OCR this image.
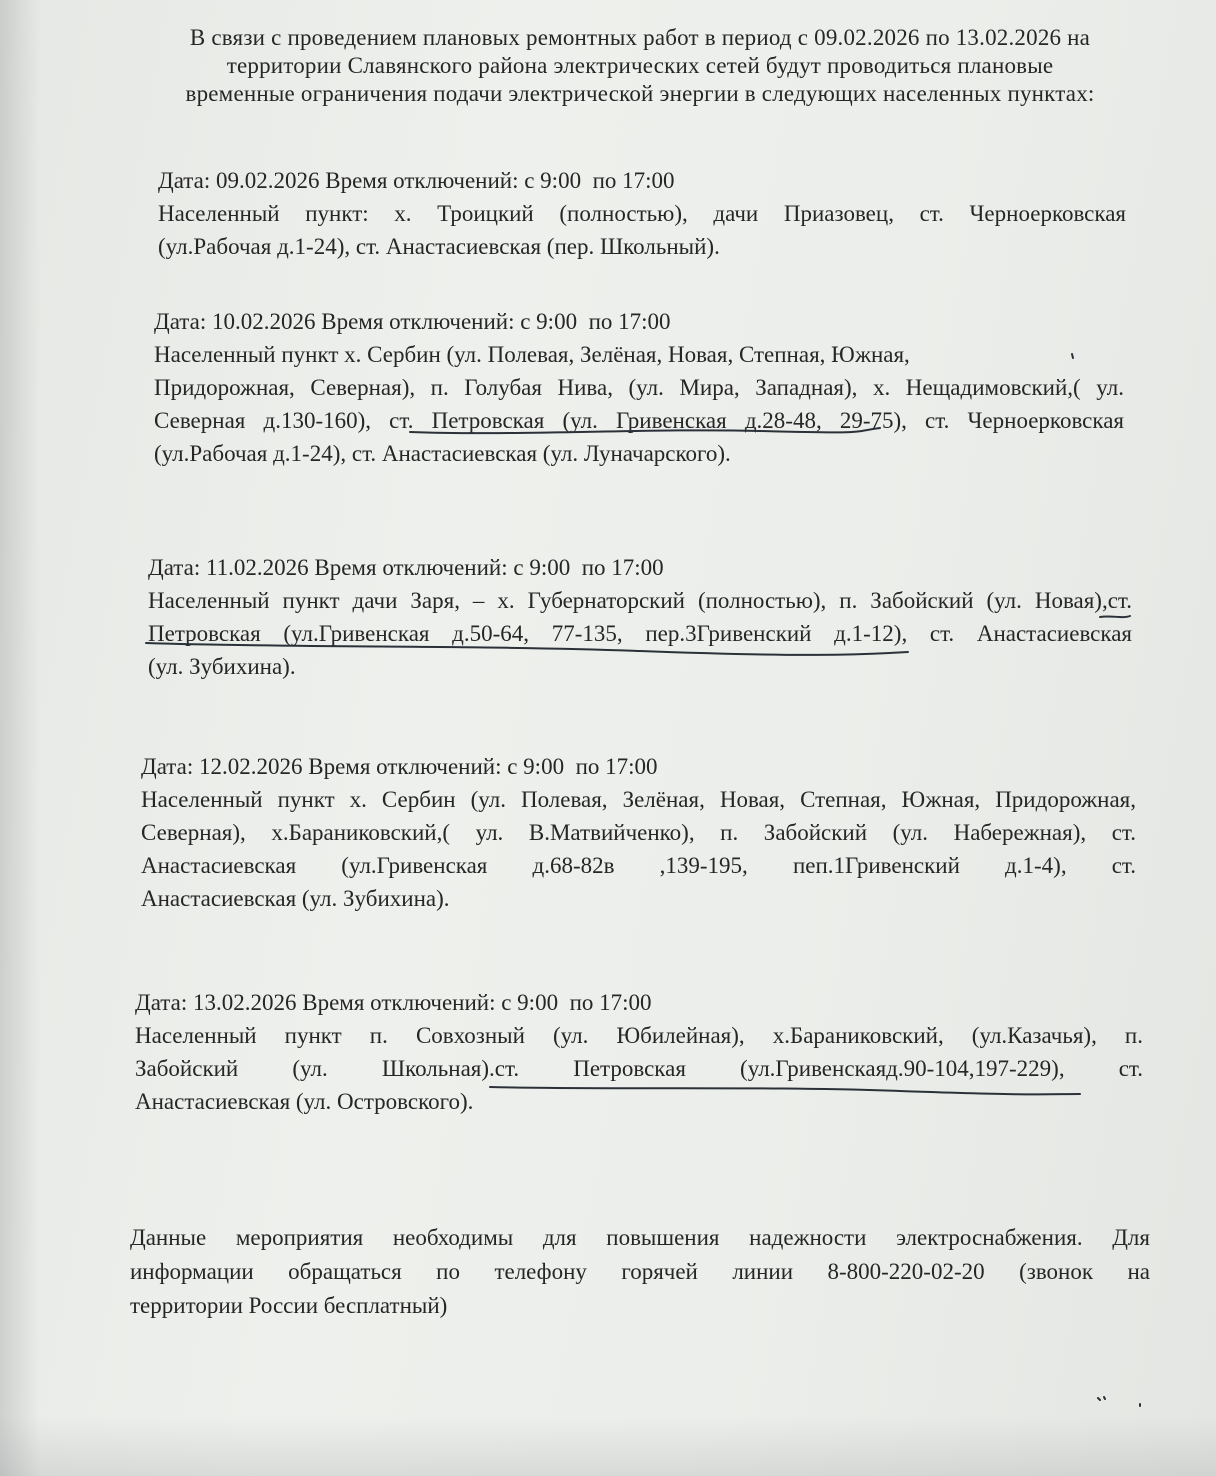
В связи с проведением плановых ремонтных работ в период с 09.02.2026 по 13.02.2026 на
территории Славянского района электрических сетей будут проводиться плановые
временные ограничения подачи электрической энергии в следующих населенных пунктах:
Дата: 09.02.2026 Время отключений: с 9:00  по 17:00
Населенный пункт: х. Троицкий (полностью), дачи Приазовец, ст. Черноерковская
(ул.Рабочая д.1-24), ст. Анастасиевская (пер. Школьный).
Дата: 10.02.2026 Время отключений: с 9:00  по 17:00
Населенный пункт х. Сербин (ул. Полевая, Зелёная, Новая, Степная, Южная,
Придорожная, Северная), п. Голубая Нива, (ул. Мира, Западная), х. Нещадимовский,( ул.
Северная д.130-160), ст. Петровская (ул. Гривенская д.28-48, 29-75), ст. Черноерковская
(ул.Рабочая д.1-24), ст. Анастасиевская (ул. Луначарского).
Дата: 11.02.2026 Время отключений: с 9:00  по 17:00
Населенный пункт дачи Заря, – х. Губернаторский (полностью), п. Забойский (ул. Новая),ст.
Петровская (ул.Гривенская д.50-64, 77-135, пер.3Гривенский д.1-12), ст. Анастасиевская
(ул. Зубихина).
Дата: 12.02.2026 Время отключений: с 9:00  по 17:00
Населенный пункт х. Сербин (ул. Полевая, Зелёная, Новая, Степная, Южная, Придорожная,
Северная), х.Бараниковский,( ул. В.Матвийченко), п. Забойский (ул. Набережная), ст.
Анастасиевская (ул.Гривенская д.68-82в ,139-195, пеп.1Гривенский д.1-4), ст.
Анастасиевская (ул. Зубихина).
Дата: 13.02.2026 Время отключений: с 9:00  по 17:00
Населенный пункт п. Совхозный (ул. Юбилейная), х.Бараниковский, (ул.Казачья), п.
Забойский (ул. Школьная).ст. Петровская (ул.Гривенскаяд.90-104,197-229), ст.
Анастасиевская (ул. Островского).
Данные мероприятия необходимы для повышения надежности электроснабжения. Для
информации обращаться по телефону горячей линии 8-800-220-02-20 (звонок на
территории России бесплатный)
